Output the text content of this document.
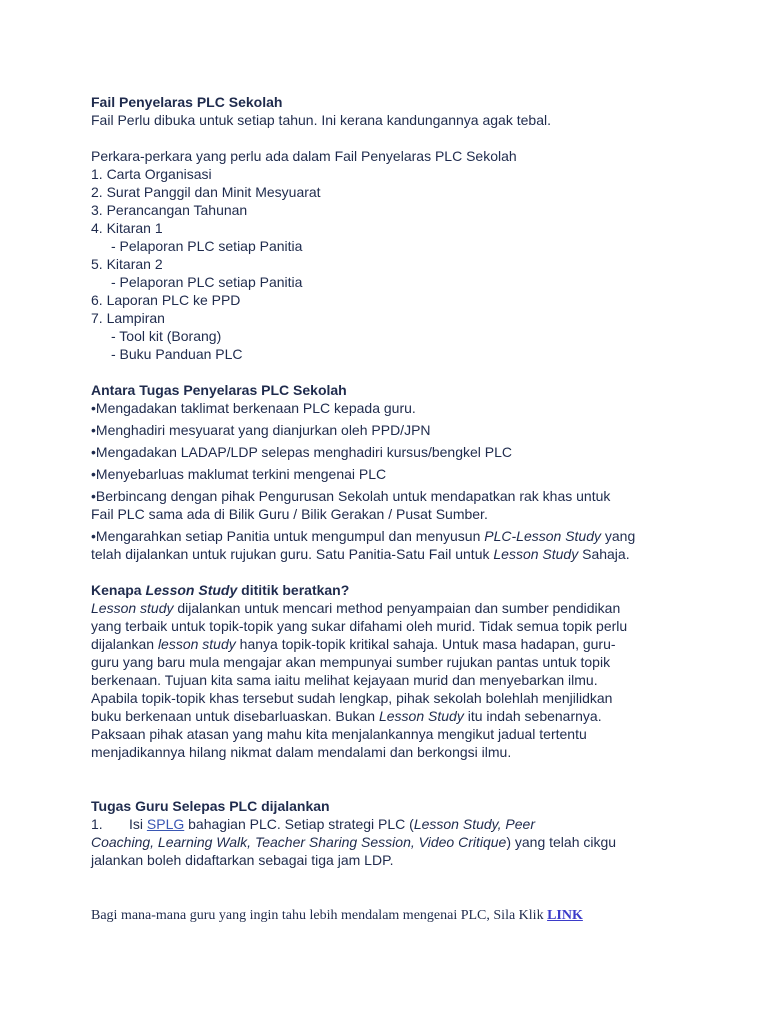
Fail Penyelaras PLC Sekolah
Fail Perlu dibuka untuk setiap tahun. Ini kerana kandungannya agak tebal.
Perkara-perkara yang perlu ada dalam Fail Penyelaras PLC Sekolah
1. Carta Organisasi
2. Surat Panggil dan Minit Mesyuarat
3. Perancangan Tahunan
4. Kitaran 1
- Pelaporan PLC setiap Panitia
5. Kitaran 2
- Pelaporan PLC setiap Panitia
6. Laporan PLC ke PPD
7. Lampiran
- Tool kit (Borang)
- Buku Panduan PLC
Antara Tugas Penyelaras PLC Sekolah
•Mengadakan taklimat berkenaan PLC kepada guru.
•Menghadiri mesyuarat yang dianjurkan oleh PPD/JPN
•Mengadakan LADAP/LDP selepas menghadiri kursus/bengkel PLC
•Menyebarluas maklumat terkini mengenai PLC
•Berbincang dengan pihak Pengurusan Sekolah untuk mendapatkan rak khas untuk
Fail PLC sama ada di Bilik Guru / Bilik Gerakan / Pusat Sumber.
•Mengarahkan setiap Panitia untuk mengumpul dan menyusun PLC-Lesson Study yang
telah dijalankan untuk rujukan guru. Satu Panitia-Satu Fail untuk Lesson Study Sahaja.
Kenapa Lesson Study dititik beratkan?
Lesson study dijalankan untuk mencari method penyampaian dan sumber pendidikan
yang terbaik untuk topik-topik yang sukar difahami oleh murid. Tidak semua topik perlu
dijalankan lesson study hanya topik-topik kritikal sahaja. Untuk masa hadapan, guru-
guru yang baru mula mengajar akan mempunyai sumber rujukan pantas untuk topik
berkenaan. Tujuan kita sama iaitu melihat kejayaan murid dan menyebarkan ilmu.
Apabila topik-topik khas tersebut sudah lengkap, pihak sekolah bolehlah menjilidkan
buku berkenaan untuk disebarluaskan. Bukan Lesson Study itu indah sebenarnya.
Paksaan pihak atasan yang mahu kita menjalankannya mengikut jadual tertentu
menjadikannya hilang nikmat dalam mendalami dan berkongsi ilmu.
Tugas Guru Selepas PLC dijalankan
1. Isi SPLG bahagian PLC. Setiap strategi PLC (Lesson Study, Peer
Coaching, Learning Walk, Teacher Sharing Session, Video Critique) yang telah cikgu
jalankan boleh didaftarkan sebagai tiga jam LDP.
Bagi mana-mana guru yang ingin tahu lebih mendalam mengenai PLC, Sila Klik LINK
